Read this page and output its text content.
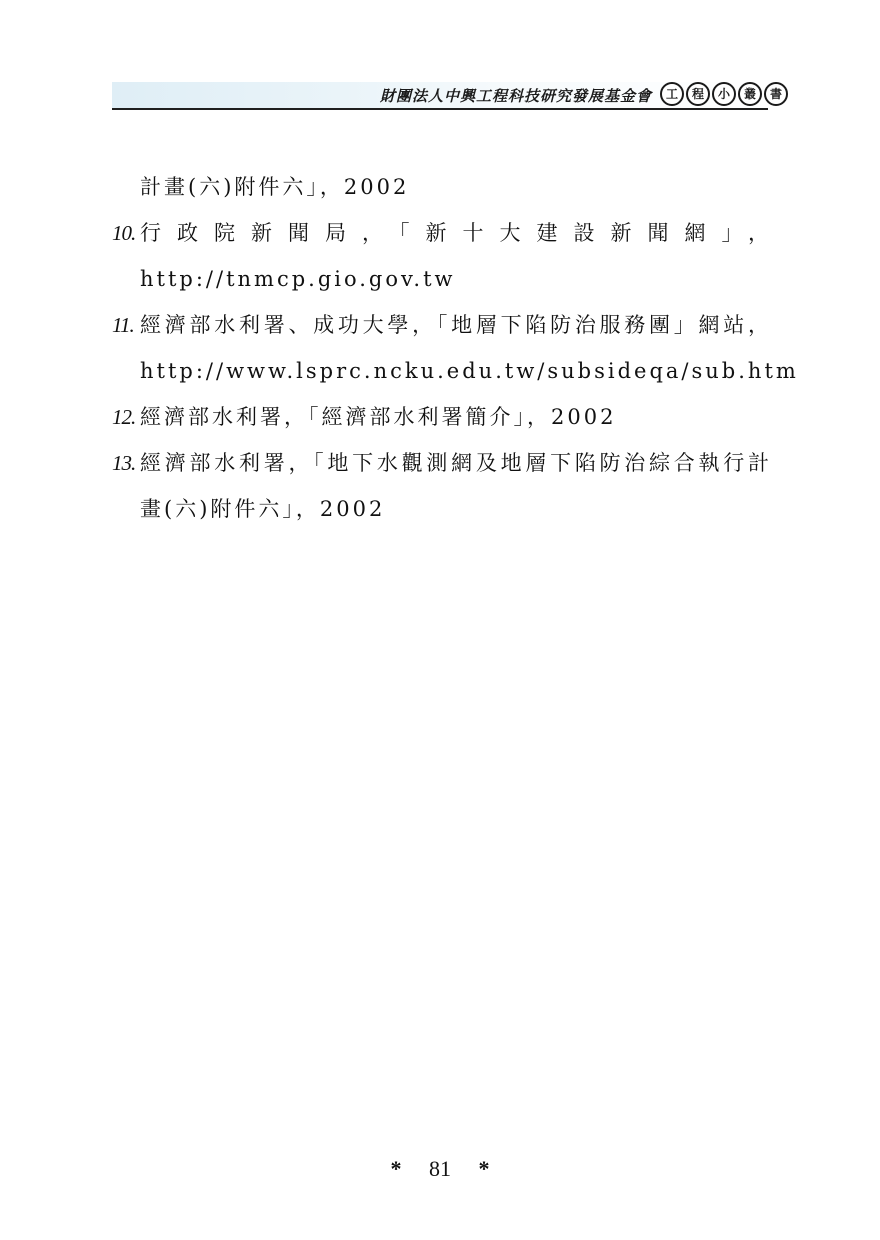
財團法人中興工程科技研究發展基金會	工	程	小	叢	書
計畫(六)附件六」，2002
10. 行政院新聞局，「新十大建設新聞網」，http://tnmcp.gio.gov.tw
11. 經濟部水利署、成功大學，「地層下陷防治服務團」網站，http://www.lsprc.ncku.edu.tw/subsideqa/sub.htm
12. 經濟部水利署，「經濟部水利署簡介」，2002
13. 經濟部水利署，「地下水觀測網及地層下陷防治綜合執行計畫(六)附件六」，2002
* 81 *
